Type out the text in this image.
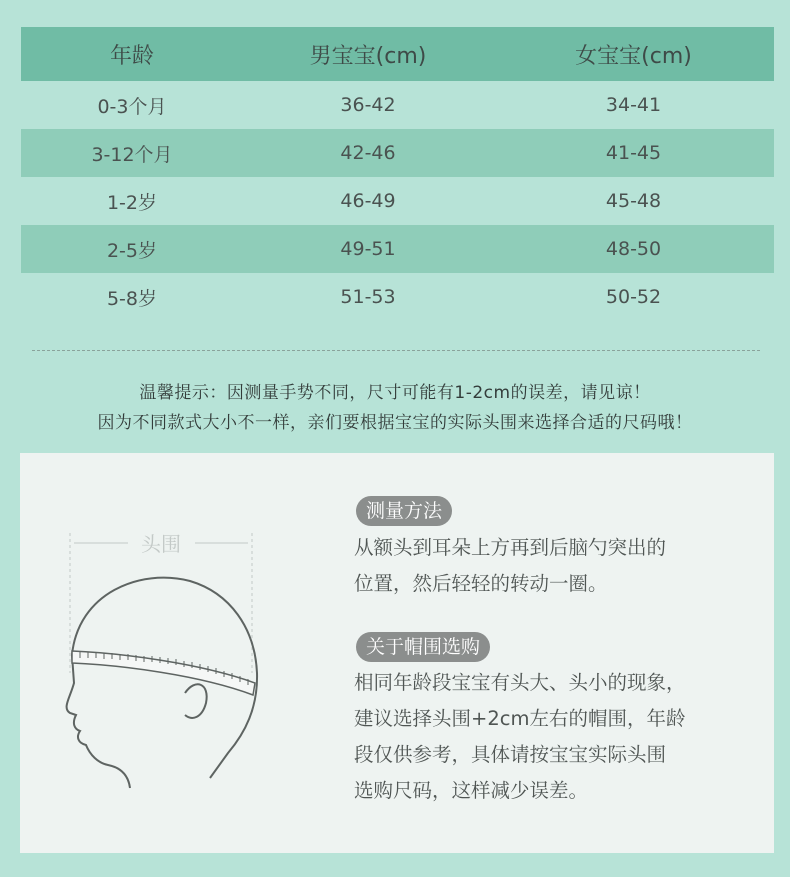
年龄	男宝宝(cm)	女宝宝(cm)
0-3个月	36-42	34-41
3-12个月	42-46	41-45
1-2岁	46-49	45-48
2-5岁	49-51	48-50
5-8岁	51-53	50-52
温馨提示：因测量手势不同，尺寸可能有1-2cm的误差，请见谅！
因为不同款式大小不一样，亲们要根据宝宝的实际头围来选择合适的尺码哦！
头围
测量方法
从额头到耳朵上方再到后脑勺突出的
位置，然后轻轻的转动一圈。
关于帽围选购
相同年龄段宝宝有头大、头小的现象，
建议选择头围+2cm左右的帽围，年龄
段仅供参考，具体请按宝宝实际头围
选购尺码，这样减少误差。
